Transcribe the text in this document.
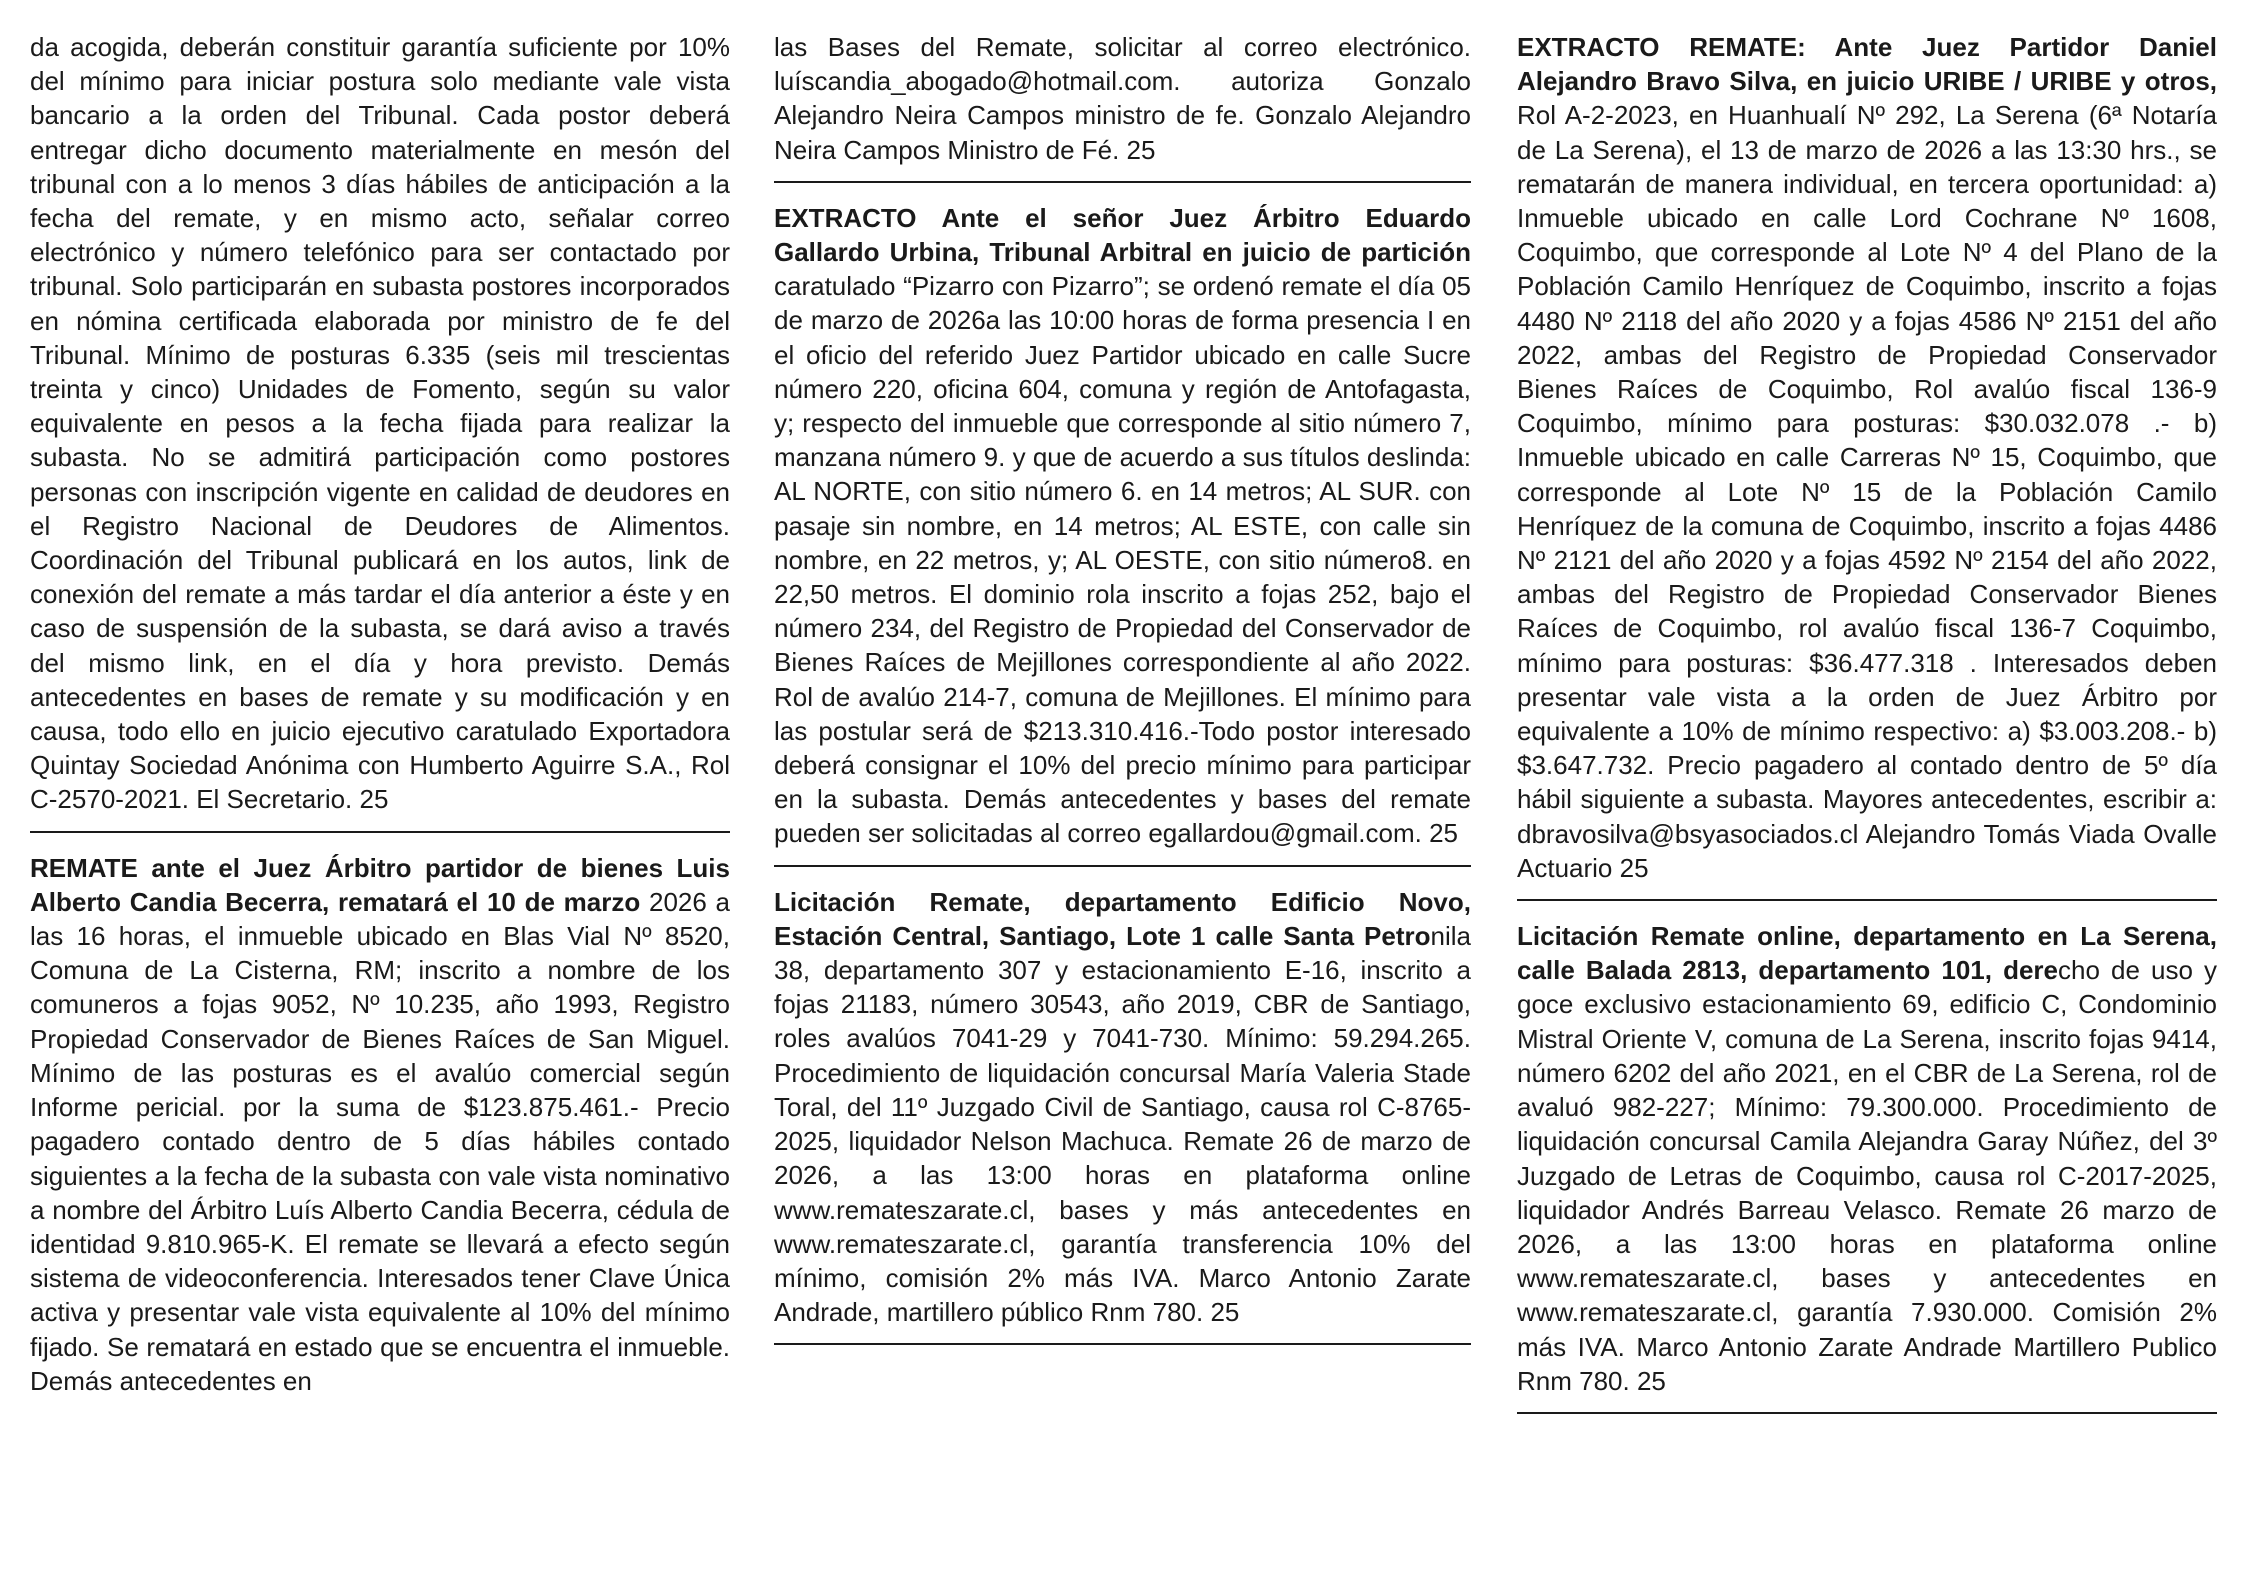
da acogida, deberán constituir garantía suficiente por 10% del mínimo para iniciar postura solo mediante vale vista bancario a la orden del Tribunal. Cada postor deberá entregar dicho documento materialmente en mesón del tribunal con a lo menos 3 días hábiles de anticipación a la fecha del remate, y en mismo acto, señalar correo electrónico y número telefónico para ser contactado por tribunal. Solo participarán en subasta postores incorporados en nómina certificada elaborada por ministro de fe del Tribunal. Mínimo de posturas 6.335 (seis mil trescientas treinta y cinco) Unidades de Fomento, según su valor equivalente en pesos a la fecha fijada para realizar la subasta. No se admitirá participación como postores personas con inscripción vigente en calidad de deudores en el Registro Nacional de Deudores de Alimentos. Coordinación del Tribunal publicará en los autos, link de conexión del remate a más tardar el día anterior a éste y en caso de suspensión de la subasta, se dará aviso a través del mismo link, en el día y hora previsto. Demás antecedentes en bases de remate y su modificación y en causa, todo ello en juicio ejecutivo caratulado Exportadora Quintay Sociedad Anónima con Humberto Aguirre S.A., Rol C-2570-2021. El Secretario. 25

REMATE ante el Juez Árbitro partidor de bienes Luis Alberto Candia Becerra, rematará el 10 de marzo 2026 a las 16 horas, el inmueble ubicado en Blas Vial Nº 8520, Comuna de La Cisterna, RM; inscrito a nombre de los comuneros a fojas 9052, Nº 10.235, año 1993, Registro Propiedad Conservador de Bienes Raíces de San Miguel. Mínimo de las posturas es el avalúo comercial según Informe pericial. por la suma de $123.875.461.- Precio pagadero contado dentro de 5 días hábiles contado siguientes a la fecha de la subasta con vale vista nominativo a nombre del Árbitro Luís Alberto Candia Becerra, cédula de identidad 9.810.965-K. El remate se llevará a efecto según sistema de videoconferencia. Interesados tener Clave Única activa y presentar vale vista equivalente al 10% del mínimo fijado. Se rematará en estado que se encuentra el inmueble. Demás antecedentes en

las Bases del Remate, solicitar al correo electrónico. luíscandia_abogado@hotmail.com. autoriza Gonzalo Alejandro Neira Campos ministro de fe. Gonzalo Alejandro Neira Campos Ministro de Fé. 25

EXTRACTO Ante el señor Juez Árbitro Eduardo Gallardo Urbina, Tribunal Arbitral en juicio de partición caratulado “Pizarro con Pizarro”; se ordenó remate el día 05 de marzo de 2026a las 10:00 horas de forma presencia I en el oficio del referido Juez Partidor ubicado en calle Sucre número 220, oficina 604, comuna y región de Antofagasta, y; respecto del inmueble que corresponde al sitio número 7, manzana número 9. y que de acuerdo a sus títulos deslinda: AL NORTE, con sitio número 6. en 14 metros; AL SUR. con pasaje sin nombre, en 14 metros; AL ESTE, con calle sin nombre, en 22 metros, y; AL OESTE, con sitio número8. en 22,50 metros. El dominio rola inscrito a fojas 252, bajo el número 234, del Registro de Propiedad del Conservador de Bienes Raíces de Mejillones correspondiente al año 2022. Rol de avalúo 214-7, comuna de Mejillones. El mínimo para las postular será de $213.310.416.-Todo postor interesado deberá consignar el 10% del precio mínimo para participar en la subasta. Demás antecedentes y bases del remate pueden ser solicitadas al correo egallardou@gmail.com. 25

Licitación Remate, departamento Edificio Novo, Estación Central, Santiago, Lote 1 calle Santa Petronila 38, departamento 307 y estacionamiento E-16, inscrito a fojas 21183, número 30543, año 2019, CBR de Santiago, roles avalúos 7041-29 y 7041-730. Mínimo: 59.294.265. Procedimiento de liquidación concursal María Valeria Stade Toral, del 11º Juzgado Civil de Santiago, causa rol C-8765-2025, liquidador Nelson Machuca. Remate 26 de marzo de 2026, a las 13:00 horas en plataforma online www.remateszarate.cl, bases y más antecedentes en www.remateszarate.cl, garantía transferencia 10% del mínimo, comisión 2% más IVA. Marco Antonio Zarate Andrade, martillero público Rnm 780. 25

EXTRACTO REMATE: Ante Juez Partidor Daniel Alejandro Bravo Silva, en juicio URIBE / URIBE y otros, Rol A-2-2023, en Huanhualí Nº 292, La Serena (6ª Notaría de La Serena), el 13 de marzo de 2026 a las 13:30 hrs., se rematarán de manera individual, en tercera oportunidad: a) Inmueble ubicado en calle Lord Cochrane Nº 1608, Coquimbo, que corresponde al Lote Nº 4 del Plano de la Población Camilo Henríquez de Coquimbo, inscrito a fojas 4480 Nº 2118 del año 2020 y a fojas 4586 Nº 2151 del año 2022, ambas del Registro de Propiedad Conservador Bienes Raíces de Coquimbo, Rol avalúo fiscal 136-9 Coquimbo, mínimo para posturas: $30.032.078 .- b) Inmueble ubicado en calle Carreras Nº 15, Coquimbo, que corresponde al Lote Nº 15 de la Población Camilo Henríquez de la comuna de Coquimbo, inscrito a fojas 4486 Nº 2121 del año 2020 y a fojas 4592 Nº 2154 del año 2022, ambas del Registro de Propiedad Conservador Bienes Raíces de Coquimbo, rol avalúo fiscal 136-7 Coquimbo, mínimo para posturas: $36.477.318 . Interesados deben presentar vale vista a la orden de Juez Árbitro por equivalente a 10% de mínimo respectivo: a) $3.003.208.- b) $3.647.732. Precio pagadero al contado dentro de 5º día hábil siguiente a subasta. Mayores antecedentes, escribir a: dbravosilva@bsyasociados.cl Alejandro Tomás Viada Ovalle Actuario 25

Licitación Remate online, departamento en La Serena, calle Balada 2813, departamento 101, derecho de uso y goce exclusivo estacionamiento 69, edificio C, Condominio Mistral Oriente V, comuna de La Serena, inscrito fojas 9414, número 6202 del año 2021, en el CBR de La Serena, rol de avaluó 982-227; Mínimo: 79.300.000. Procedimiento de liquidación concursal Camila Alejandra Garay Núñez, del 3º Juzgado de Letras de Coquimbo, causa rol C-2017-2025, liquidador Andrés Barreau Velasco. Remate 26 marzo de 2026, a las 13:00 horas en plataforma online www.remateszarate.cl, bases y antecedentes en www.remateszarate.cl, garantía 7.930.000. Comisión 2% más IVA. Marco Antonio Zarate Andrade Martillero Publico Rnm 780. 25
